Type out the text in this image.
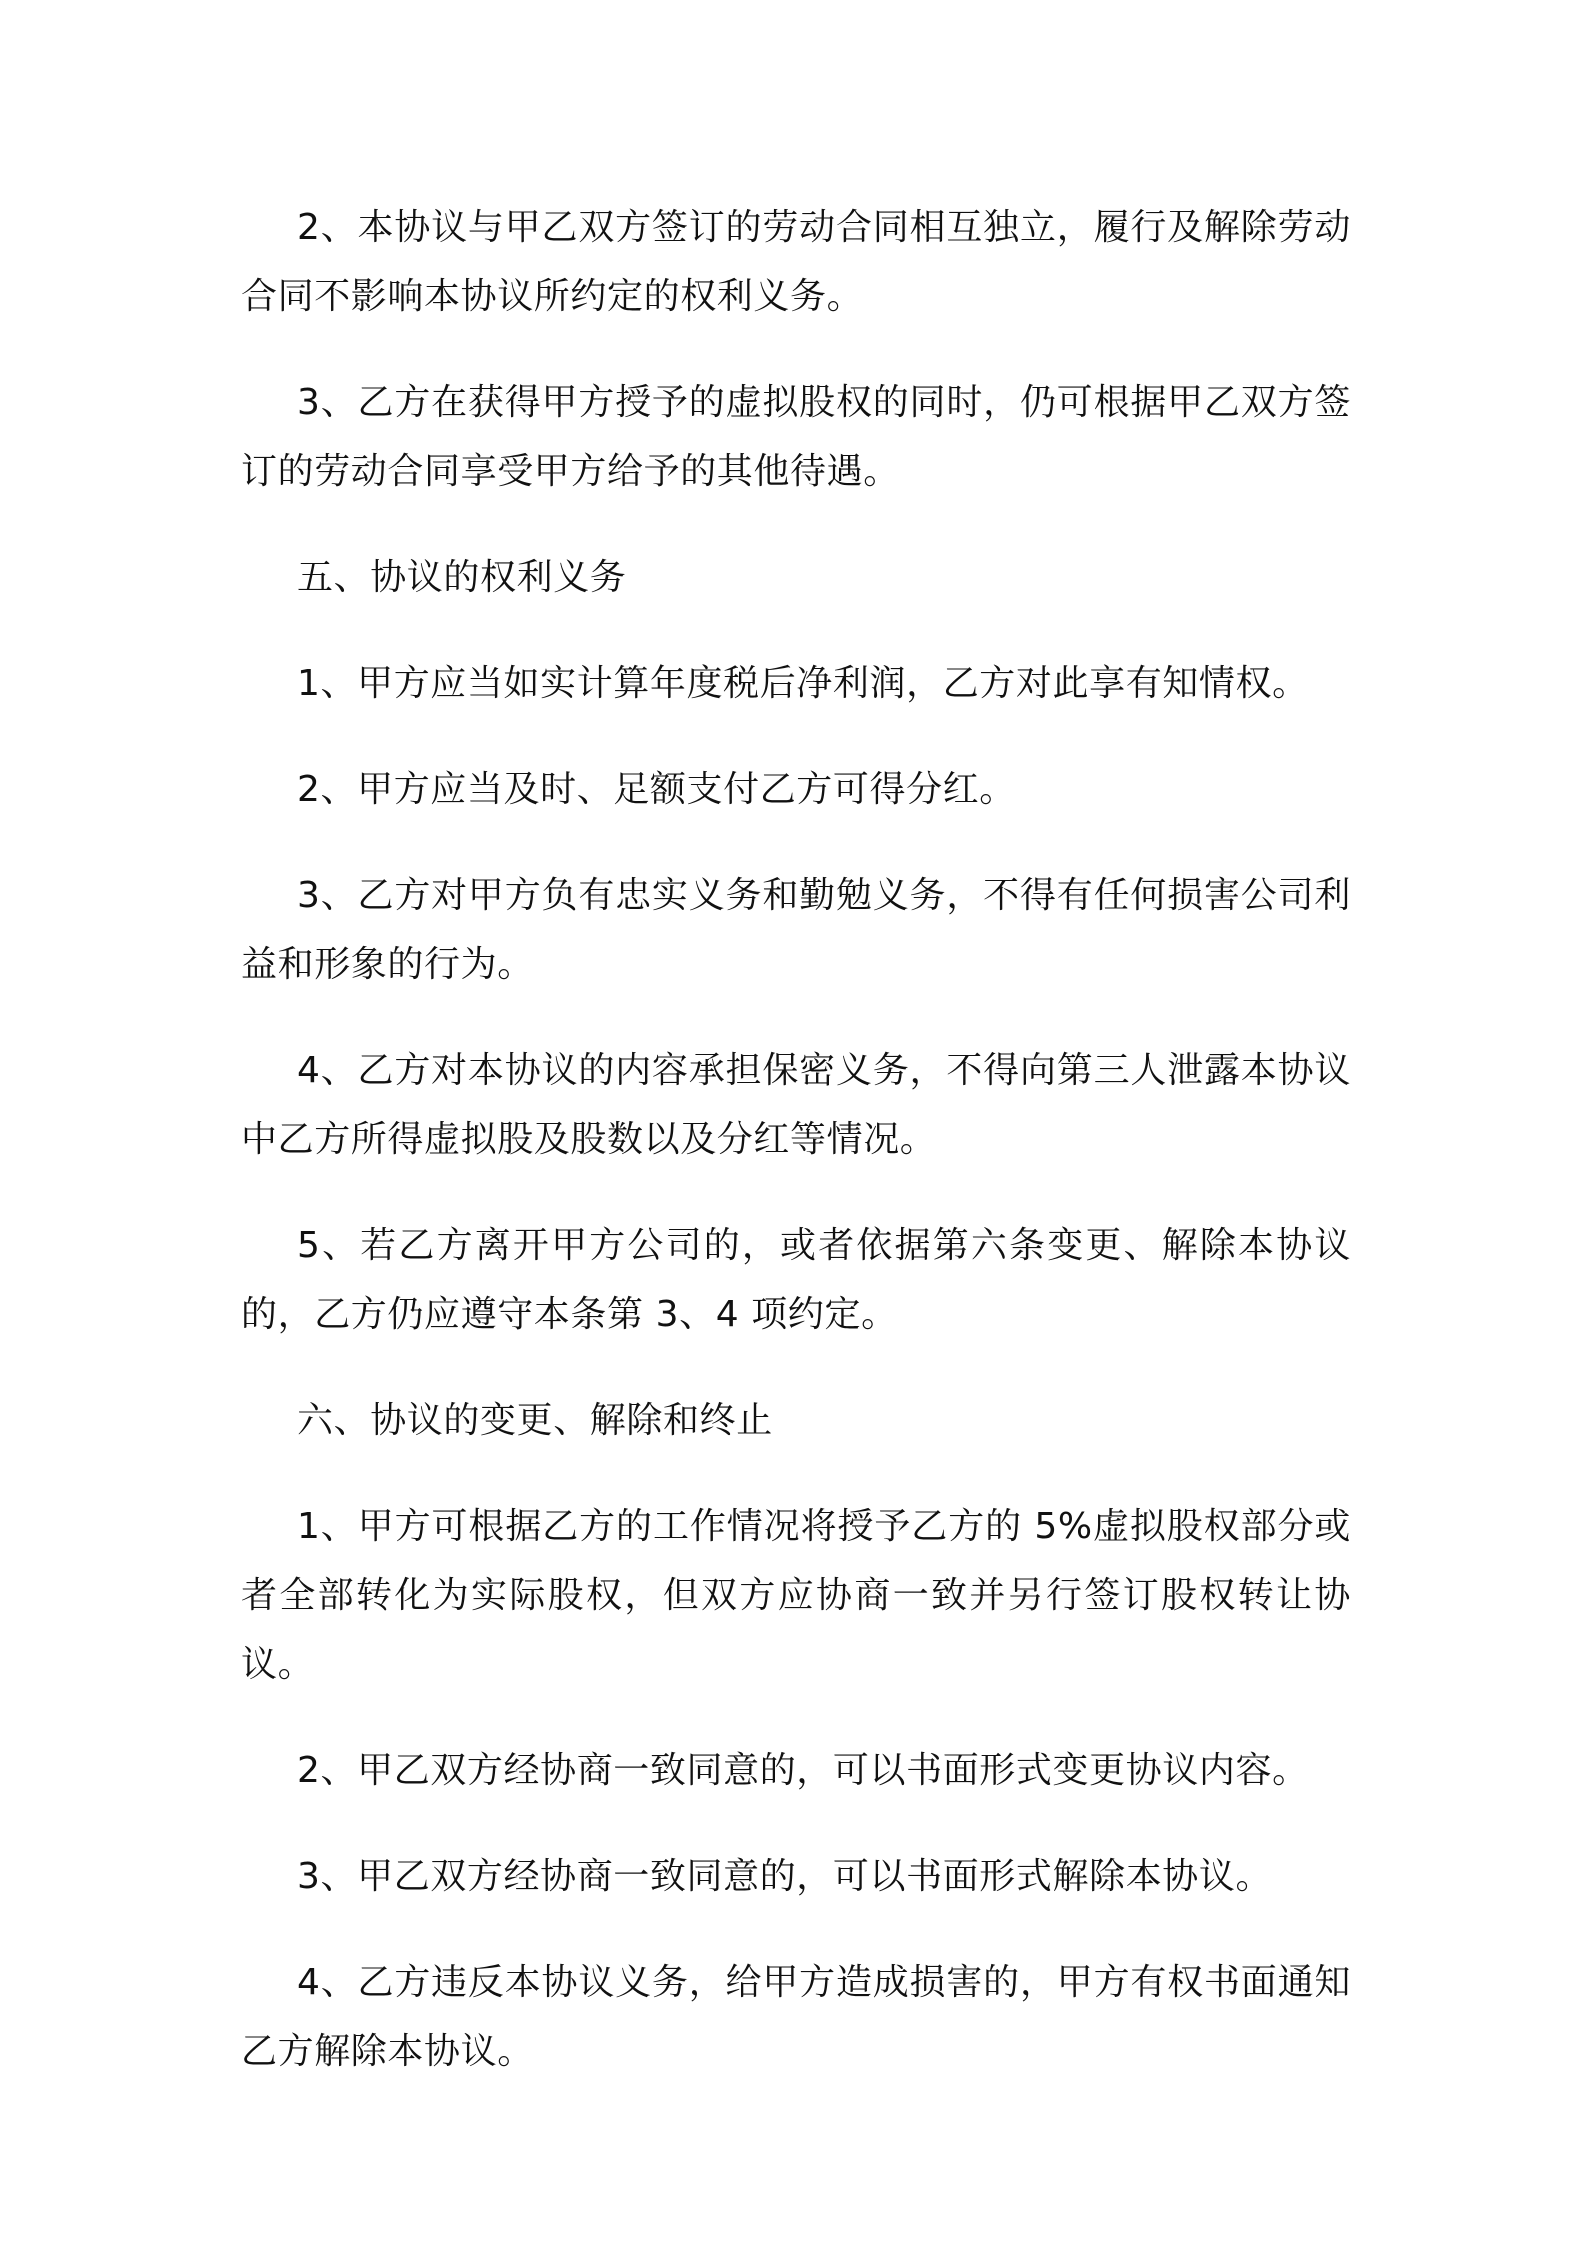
2、本协议与甲乙双方签订的劳动合同相互独立，履行及解除劳动合同不影响本协议所约定的权利义务。

3、乙方在获得甲方授予的虚拟股权的同时，仍可根据甲乙双方签订的劳动合同享受甲方给予的其他待遇。

五、协议的权利义务

1、甲方应当如实计算年度税后净利润，乙方对此享有知情权。

2、甲方应当及时、足额支付乙方可得分红。

3、乙方对甲方负有忠实义务和勤勉义务，不得有任何损害公司利益和形象的行为。

4、乙方对本协议的内容承担保密义务，不得向第三人泄露本协议中乙方所得虚拟股及股数以及分红等情况。

5、若乙方离开甲方公司的，或者依据第六条变更、解除本协议的，乙方仍应遵守本条第 3、4 项约定。

六、协议的变更、解除和终止

1、甲方可根据乙方的工作情况将授予乙方的 5%虚拟股权部分或者全部转化为实际股权，但双方应协商一致并另行签订股权转让协议。

2、甲乙双方经协商一致同意的，可以书面形式变更协议内容。

3、甲乙双方经协商一致同意的，可以书面形式解除本协议。

4、乙方违反本协议义务，给甲方造成损害的，甲方有权书面通知乙方解除本协议。
